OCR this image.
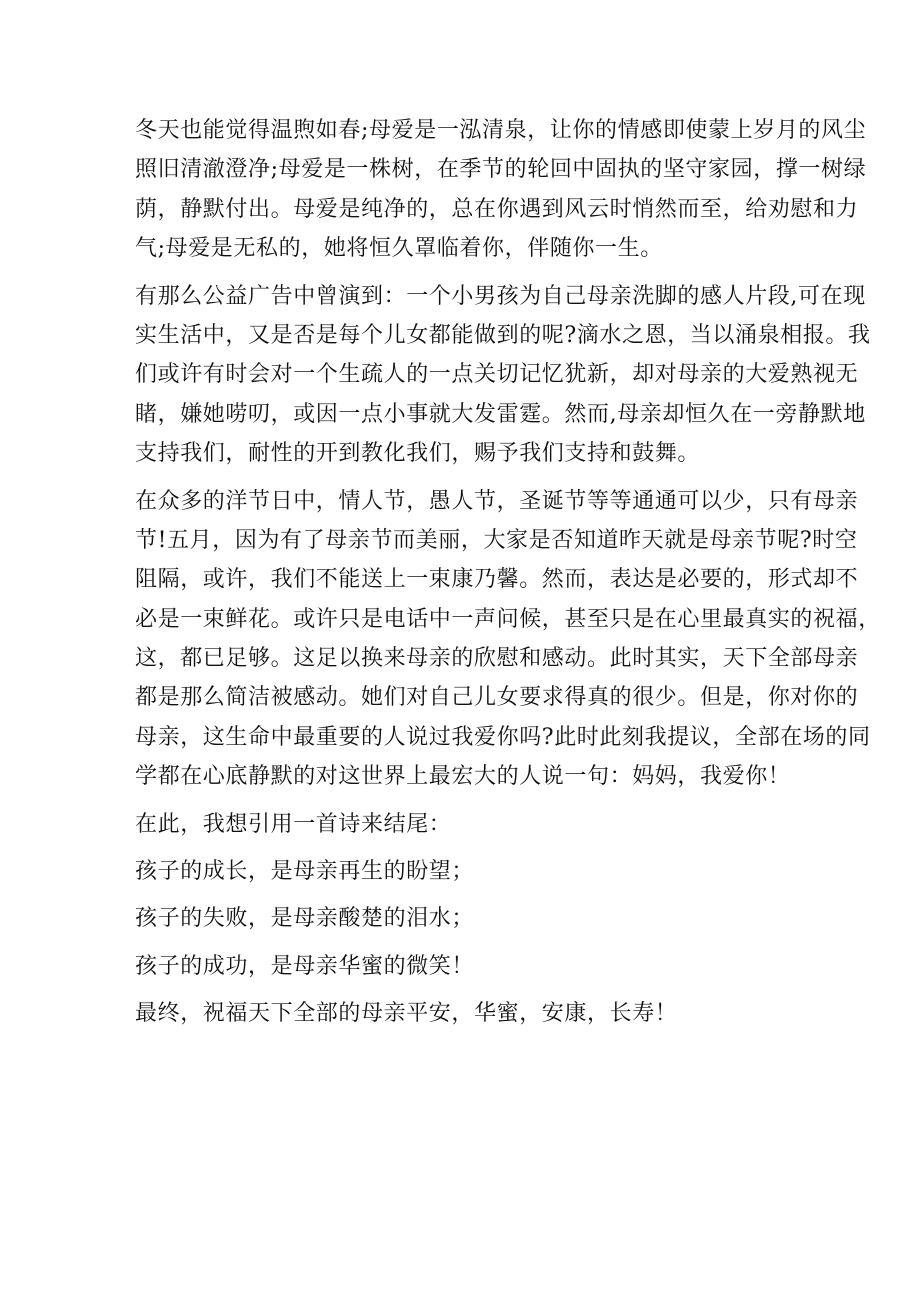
冬天也能觉得温煦如春;母爱是一泓清泉，让你的情感即使蒙上岁月的风尘
照旧清澈澄净;母爱是一株树，在季节的轮回中固执的坚守家园，撑一树绿
荫，静默付出。母爱是纯净的，总在你遇到风云时悄然而至，给劝慰和力
气;母爱是无私的，她将恒久罩临着你，伴随你一生。

有那么公益广告中曾演到：一个小男孩为自己母亲洗脚的感人片段,可在现
实生活中，又是否是每个儿女都能做到的呢?滴水之恩，当以涌泉相报。我
们或许有时会对一个生疏人的一点关切记忆犹新，却对母亲的大爱熟视无
睹，嫌她唠叨，或因一点小事就大发雷霆。然而,母亲却恒久在一旁静默地
支持我们，耐性的开到教化我们，赐予我们支持和鼓舞。

在众多的洋节日中，情人节，愚人节，圣诞节等等通通可以少，只有母亲
节!五月，因为有了母亲节而美丽，大家是否知道昨天就是母亲节呢?时空
阻隔，或许，我们不能送上一束康乃馨。然而，表达是必要的，形式却不
必是一束鲜花。或许只是电话中一声问候，甚至只是在心里最真实的祝福，
这，都已足够。这足以换来母亲的欣慰和感动。此时其实，天下全部母亲
都是那么简洁被感动。她们对自己儿女要求得真的很少。但是，你对你的
母亲，这生命中最重要的人说过我爱你吗?此时此刻我提议，全部在场的同
学都在心底静默的对这世界上最宏大的人说一句：妈妈，我爱你！

在此，我想引用一首诗来结尾：

孩子的成长，是母亲再生的盼望；

孩子的失败，是母亲酸楚的泪水；

孩子的成功，是母亲华蜜的微笑！

最终，祝福天下全部的母亲平安，华蜜，安康，长寿！
